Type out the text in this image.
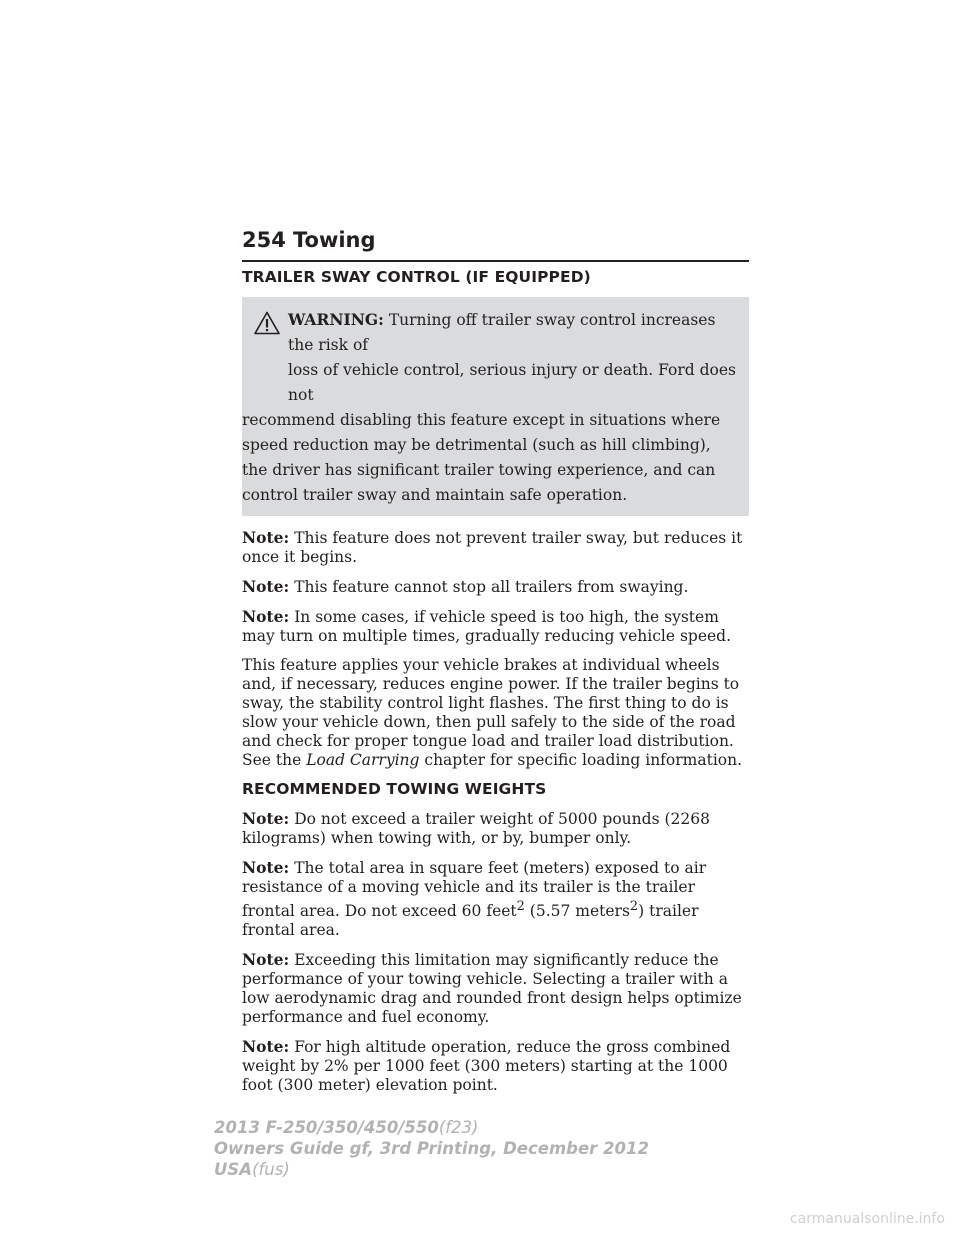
254 Towing
TRAILER SWAY CONTROL (IF EQUIPPED)

WARNING: Turning off trailer sway control increases the risk of

loss of vehicle control, serious injury or death. Ford does not

recommend disabling this feature except in situations where speed reduction may be detrimental (such as hill climbing), the driver has significant trailer towing experience, and can control trailer sway and maintain safe operation.

Note: This feature does not prevent trailer sway, but reduces it once it begins.

Note: This feature cannot stop all trailers from swaying.

Note: In some cases, if vehicle speed is too high, the system may turn on multiple times, gradually reducing vehicle speed.

This feature applies your vehicle brakes at individual wheels and, if necessary, reduces engine power. If the trailer begins to sway, the stability control light flashes. The first thing to do is slow your vehicle down, then pull safely to the side of the road and check for proper tongue load and trailer load distribution. See the Load Carrying chapter for specific loading information.

RECOMMENDED TOWING WEIGHTS

Note: Do not exceed a trailer weight of 5000 pounds (2268 kilograms) when towing with, or by, bumper only.

Note: The total area in square feet (meters) exposed to air resistance of a moving vehicle and its trailer is the trailer frontal area. Do not exceed 60 feet$^2$ (5.57 meters$^2$) trailer frontal area.

Note: Exceeding this limitation may significantly reduce the performance of your towing vehicle. Selecting a trailer with a low aerodynamic drag and rounded front design helps optimize performance and fuel economy.

Note: For high altitude operation, reduce the gross combined weight by 2% per 1000 feet (300 meters) starting at the 1000 foot (300 meter) elevation point.

2013 F-250/350/450/550(f23)
Owners Guide gf, 3rd Printing, December 2012
USA(fus)
carmanualsonline.info
